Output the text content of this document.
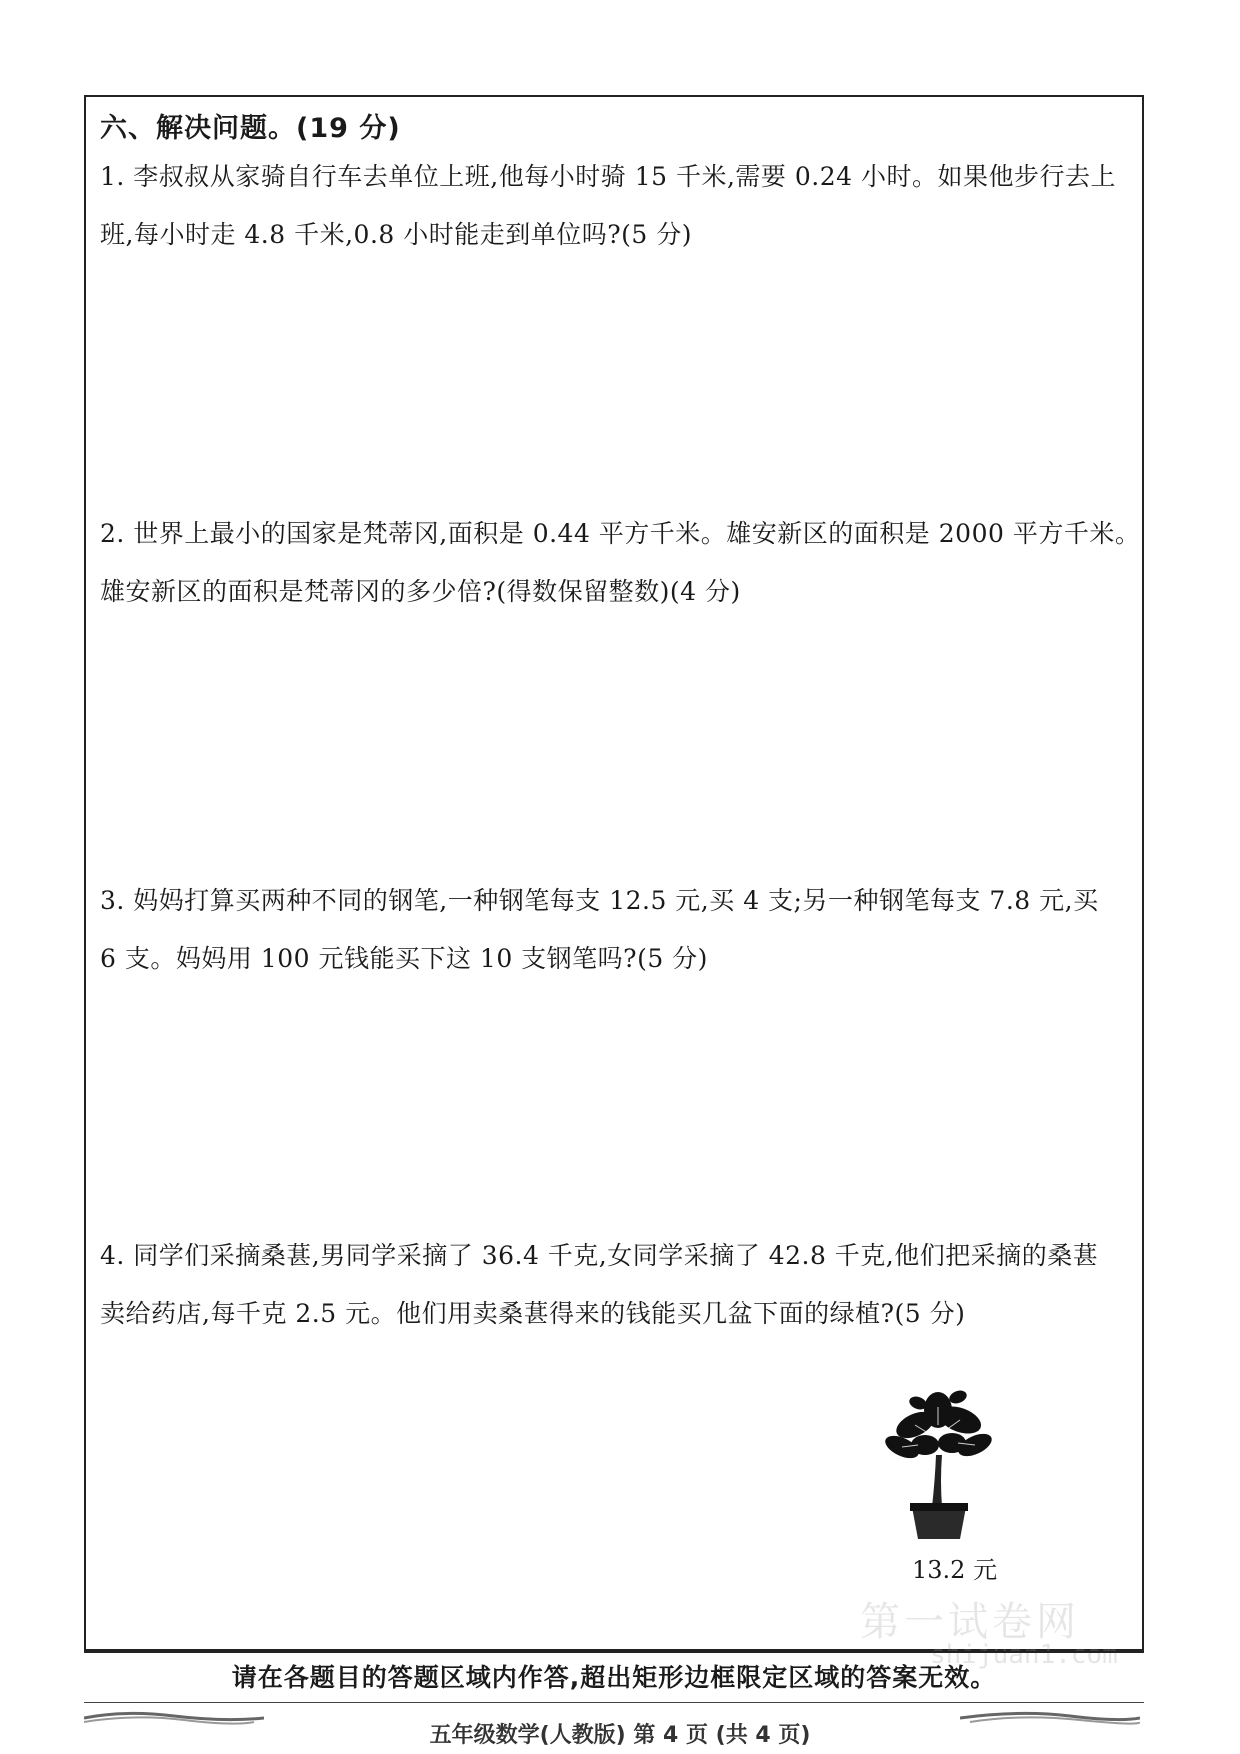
六、解决问题。(19 分)
1. 李叔叔从家骑自行车去单位上班,他每小时骑 15 千米,需要 0.24 小时。如果他步行去上
班,每小时走 4.8 千米,0.8 小时能走到单位吗?(5 分)
2. 世界上最小的国家是梵蒂冈,面积是 0.44 平方千米。雄安新区的面积是 2000 平方千米。
雄安新区的面积是梵蒂冈的多少倍?(得数保留整数)(4 分)
3. 妈妈打算买两种不同的钢笔,一种钢笔每支 12.5 元,买 4 支;另一种钢笔每支 7.8 元,买
6 支。妈妈用 100 元钱能买下这 10 支钢笔吗?(5 分)
4. 同学们采摘桑葚,男同学采摘了 36.4 千克,女同学采摘了 42.8 千克,他们把采摘的桑葚
卖给药店,每千克 2.5 元。他们用卖桑葚得来的钱能买几盆下面的绿植?(5 分)
13.2 元
第一试卷网
shijuan1.com
请在各题目的答题区域内作答,超出矩形边框限定区域的答案无效。
五年级数学(人教版) 第 4 页 (共 4 页)
